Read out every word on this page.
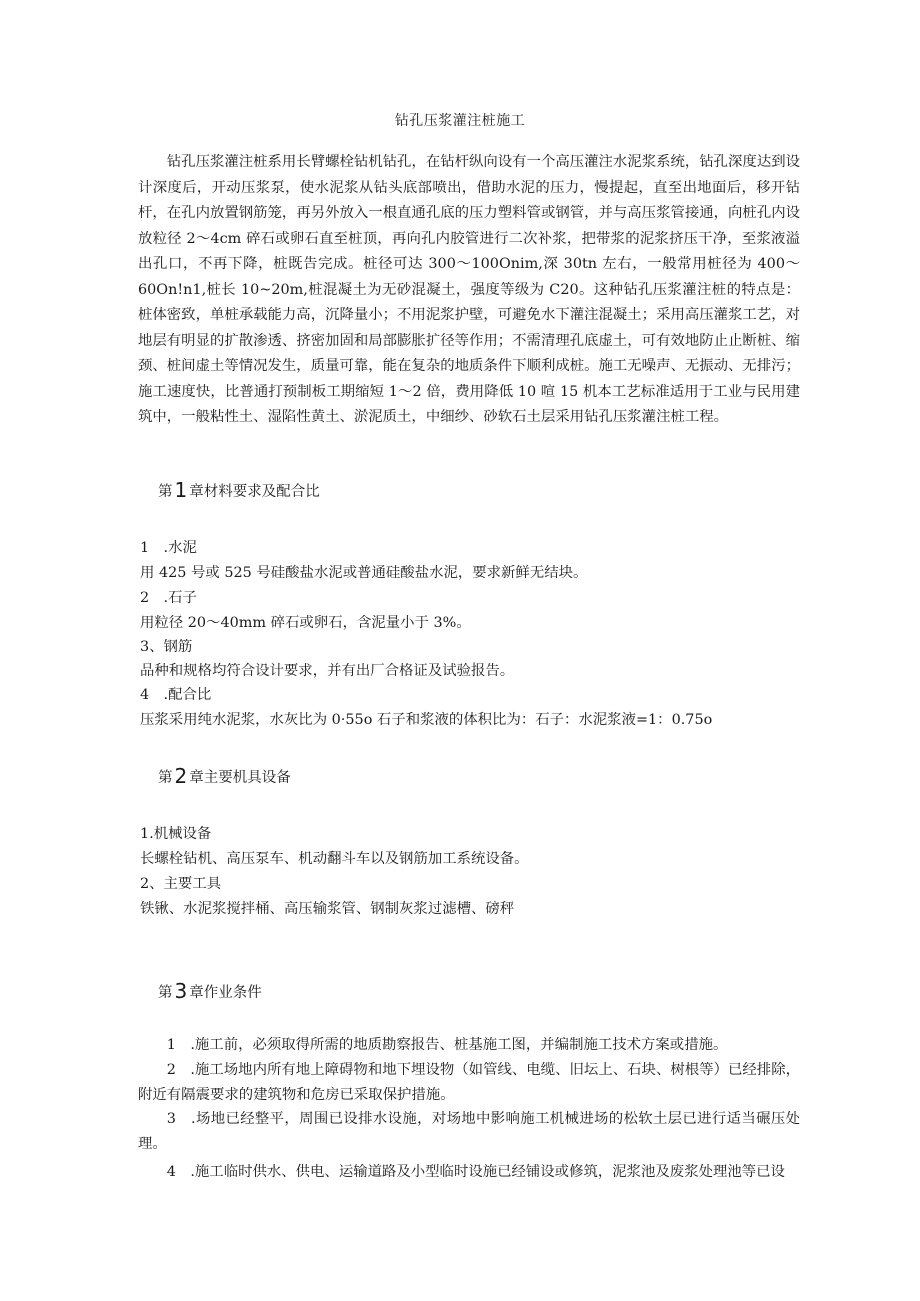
钻孔压浆灌注桩施工

钻孔压浆灌注桩系用长臂螺栓钻机钻孔，在钻杆纵向设有一个高压灌注水泥浆系统，钻孔深度达到设计深度后，开动压浆泵，使水泥浆从钻头底部喷出，借助水泥的压力，慢提起，直至出地面后，移开钻杆，在孔内放置钢筋笼，再另外放入一根直通孔底的压力塑料管或钢管，并与高压浆管接通，向桩孔内设放粒径 2～4cm 碎石或卵石直至桩顶，再向孔内胶管进行二次补浆，把带浆的泥浆挤压干净，至浆液溢出孔口，不再下降，桩既告完成。桩径可达 300～100Onim,深 30tn 左右，一般常用桩径为 400～60On!n1,桩长 10~20m,桩混凝土为无砂混凝土，强度等级为 C20。这种钻孔压浆灌注桩的特点是：桩体密致，单桩承载能力高，沉降量小；不用泥浆护壁，可避免水下灌注混凝土；采用高压灌浆工艺，对地层有明显的扩散渗透、挤密加固和局部膨胀扩径等作用；不需清理孔底虚土，可有效地防止止断桩、缩颈、桩间虚土等情况发生，质量可靠，能在复杂的地质条件下顺利成桩。施工无噪声、无振动、无排污；施工速度快，比普通打预制板工期缩短 1～2 倍，费用降低 10 喧 15 机本工艺标准适用于工业与民用建筑中，一般粘性土、湿陷性黄土、淤泥质土，中细纱、砂软石土层采用钻孔压浆灌注桩工程。

第 1 章材料要求及配合比
1　.水泥
用 425 号或 525 号硅酸盐水泥或普通硅酸盐水泥，要求新鲜无结块。
2　.石子
用粒径 20～40mm 碎石或卵石，含泥量小于 3%。
3、钢筋
品种和规格均符合设计要求，并有出厂合格证及试验报告。
4　.配合比
压浆采用纯水泥浆，水灰比为 0·55o 石子和浆液的体积比为：石子：水泥浆液=1：0.75o
第 2 章主要机具设备
1.机械设备
长螺栓钻机、高压泵车、机动翻斗车以及钢筋加工系统设备。
2、主要工具
铁锹、水泥浆搅拌桶、高压输浆管、钢制灰浆过滤槽、磅秤
第 3 章作业条件

1　.施工前，必须取得所需的地质勘察报告、桩基施工图，并编制施工技术方案或措施。

2　.施工场地内所有地上障碍物和地下埋设物（如管线、电缆、旧坛上、石块、树根等）已经排除，附近有隔震要求的建筑物和危房已采取保护措施。

3　.场地已经整平，周围已设排水设施，对场地中影响施工机械进场的松软土层已进行适当碾压处理。

4　.施工临时供水、供电、运输道路及小型临时设施已经铺设或修筑，泥浆池及废浆处理池等已设
